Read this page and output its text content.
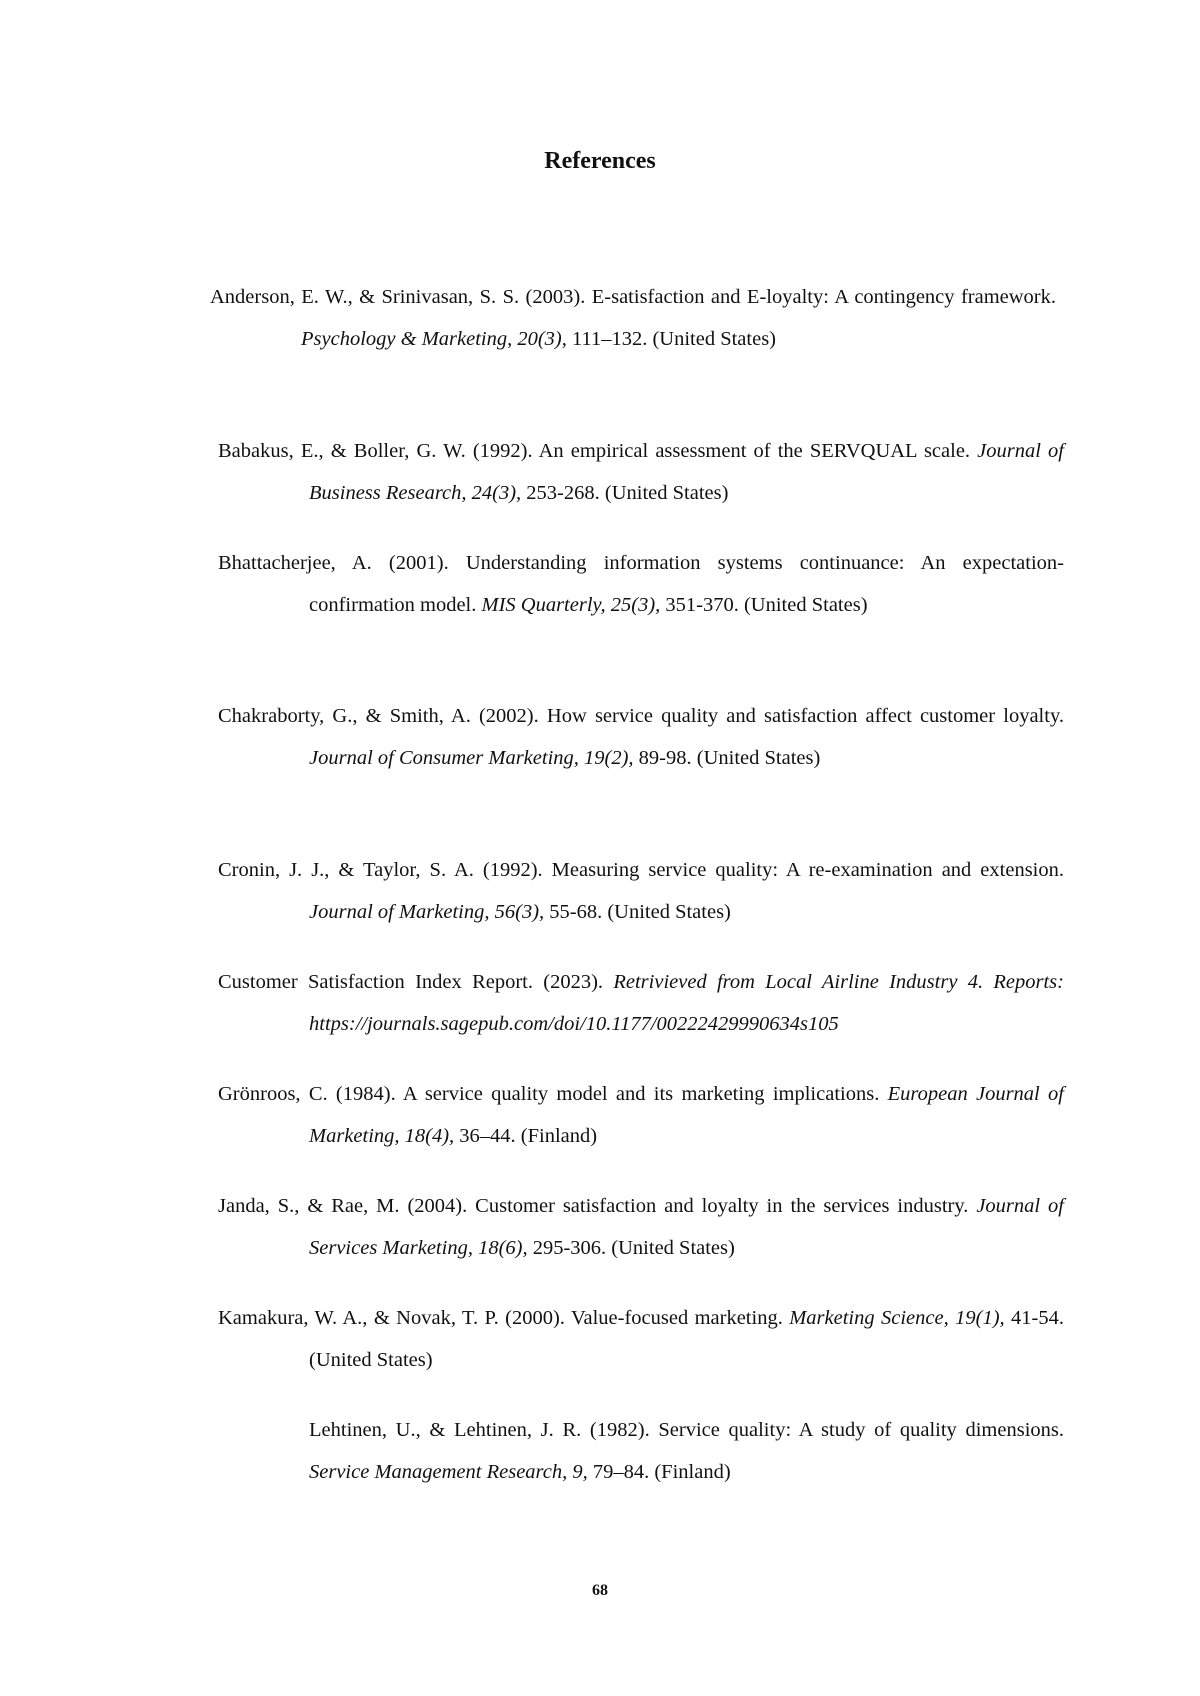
References
Anderson, E. W., & Srinivasan, S. S. (2003). E-satisfaction and E-loyalty: A contingency framework. Psychology & Marketing, 20(3), 111–132. (United States)
Babakus, E., & Boller, G. W. (1992). An empirical assessment of the SERVQUAL scale. Journal of Business Research, 24(3), 253-268. (United States)
Bhattacherjee, A. (2001). Understanding information systems continuance: An expectation-confirmation model. MIS Quarterly, 25(3), 351-370. (United States)
Chakraborty, G., & Smith, A. (2002). How service quality and satisfaction affect customer loyalty. Journal of Consumer Marketing, 19(2), 89-98. (United States)
Cronin, J. J., & Taylor, S. A. (1992). Measuring service quality: A re-examination and extension. Journal of Marketing, 56(3), 55-68. (United States)
Customer Satisfaction Index Report. (2023). Retrivieved from Local Airline Industry 4. Reports: https://journals.sagepub.com/doi/10.1177/00222429990634s105
Grönroos, C. (1984). A service quality model and its marketing implications. European Journal of Marketing, 18(4), 36–44. (Finland)
Janda, S., & Rae, M. (2004). Customer satisfaction and loyalty in the services industry. Journal of Services Marketing, 18(6), 295-306. (United States)
Kamakura, W. A., & Novak, T. P. (2000). Value-focused marketing. Marketing Science, 19(1), 41-54. (United States)
Lehtinen, U., & Lehtinen, J. R. (1982). Service quality: A study of quality dimensions. Service Management Research, 9, 79–84. (Finland)
68
